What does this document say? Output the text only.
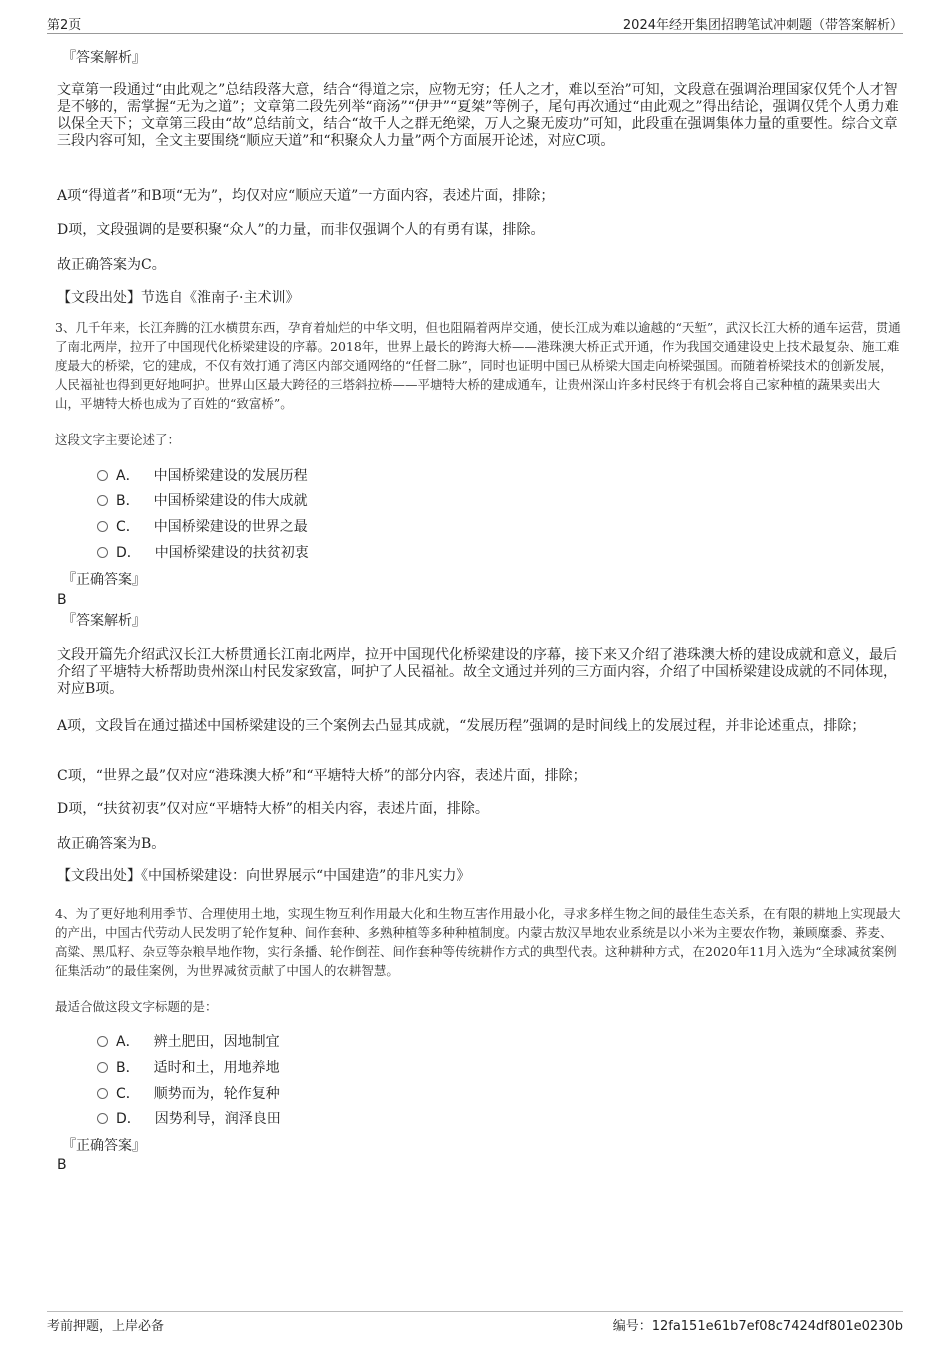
第2页	2024年经开集团招聘笔试冲刺题（带答案解析）
『答案解析』
文章第一段通过“由此观之”总结段落大意，结合“得道之宗，应物无穷；任人之才，难以至治”可知，文段意在强调治理国家仅凭个人才智是不够的，需掌握“无为之道”；文章第二段先列举“商汤”“伊尹”“夏桀”等例子，尾句再次通过“由此观之”得出结论，强调仅凭个人勇力难以保全天下；文章第三段由“故”总结前文，结合“故千人之群无绝梁，万人之聚无废功”可知，此段重在强调集体力量的重要性。综合文章三段内容可知，全文主要围绕“顺应天道”和“积聚众人力量”两个方面展开论述，对应C项。
A项“得道者”和B项“无为”，均仅对应“顺应天道”一方面内容，表述片面，排除；
D项，文段强调的是要积聚“众人”的力量，而非仅强调个人的有勇有谋，排除。
故正确答案为C。
【文段出处】节选自《淮南子·主术训》
3、几千年来，长江奔腾的江水横贯东西，孕育着灿烂的中华文明，但也阻隔着两岸交通，使长江成为难以逾越的“天堑”，武汉长江大桥的通车运营，贯通了南北两岸，拉开了中国现代化桥梁建设的序幕。2018年，世界上最长的跨海大桥——港珠澳大桥正式开通，作为我国交通建设史上技术最复杂、施工难度最大的桥梁，它的建成，不仅有效打通了湾区内部交通网络的“任督二脉”，同时也证明中国已从桥梁大国走向桥梁强国。而随着桥梁技术的创新发展，人民福祉也得到更好地呵护。世界山区最大跨径的三塔斜拉桥——平塘特大桥的建成通车，让贵州深山许多村民终于有机会将自己家种植的蔬果卖出大山，平塘特大桥也成为了百姓的“致富桥”。
这段文字主要论述了：
A． 中国桥梁建设的发展历程
B． 中国桥梁建设的伟大成就
C． 中国桥梁建设的世界之最
D． 中国桥梁建设的扶贫初衷
『正确答案』
B
『答案解析』
文段开篇先介绍武汉长江大桥贯通长江南北两岸，拉开中国现代化桥梁建设的序幕，接下来又介绍了港珠澳大桥的建设成就和意义，最后介绍了平塘特大桥帮助贵州深山村民发家致富，呵护了人民福祉。故全文通过并列的三方面内容，介绍了中国桥梁建设成就的不同体现，对应B项。
A项，文段旨在通过描述中国桥梁建设的三个案例去凸显其成就，“发展历程”强调的是时间线上的发展过程，并非论述重点，排除；
C项，“世界之最”仅对应“港珠澳大桥”和“平塘特大桥”的部分内容，表述片面，排除；
D项，“扶贫初衷”仅对应“平塘特大桥”的相关内容，表述片面，排除。
故正确答案为B。
【文段出处】《中国桥梁建设：向世界展示“中国建造”的非凡实力》
4、为了更好地利用季节、合理使用土地，实现生物互利作用最大化和生物互害作用最小化，寻求多样生物之间的最佳生态关系，在有限的耕地上实现最大的产出，中国古代劳动人民发明了轮作复种、间作套种、多熟种植等多种种植制度。内蒙古敖汉旱地农业系统是以小米为主要农作物，兼顾糜黍、荞麦、高粱、黑瓜籽、杂豆等杂粮旱地作物，实行条播、轮作倒茬、间作套种等传统耕作方式的典型代表。这种耕种方式，在2020年11月入选为“全球减贫案例征集活动”的最佳案例，为世界减贫贡献了中国人的农耕智慧。
最适合做这段文字标题的是：
A． 辨土肥田，因地制宜
B． 适时和土，用地养地
C． 顺势而为，轮作复种
D． 因势利导，润泽良田
『正确答案』
B
考前押题，上岸必备	编号：12fa151e61b7ef08c7424df801e0230b
